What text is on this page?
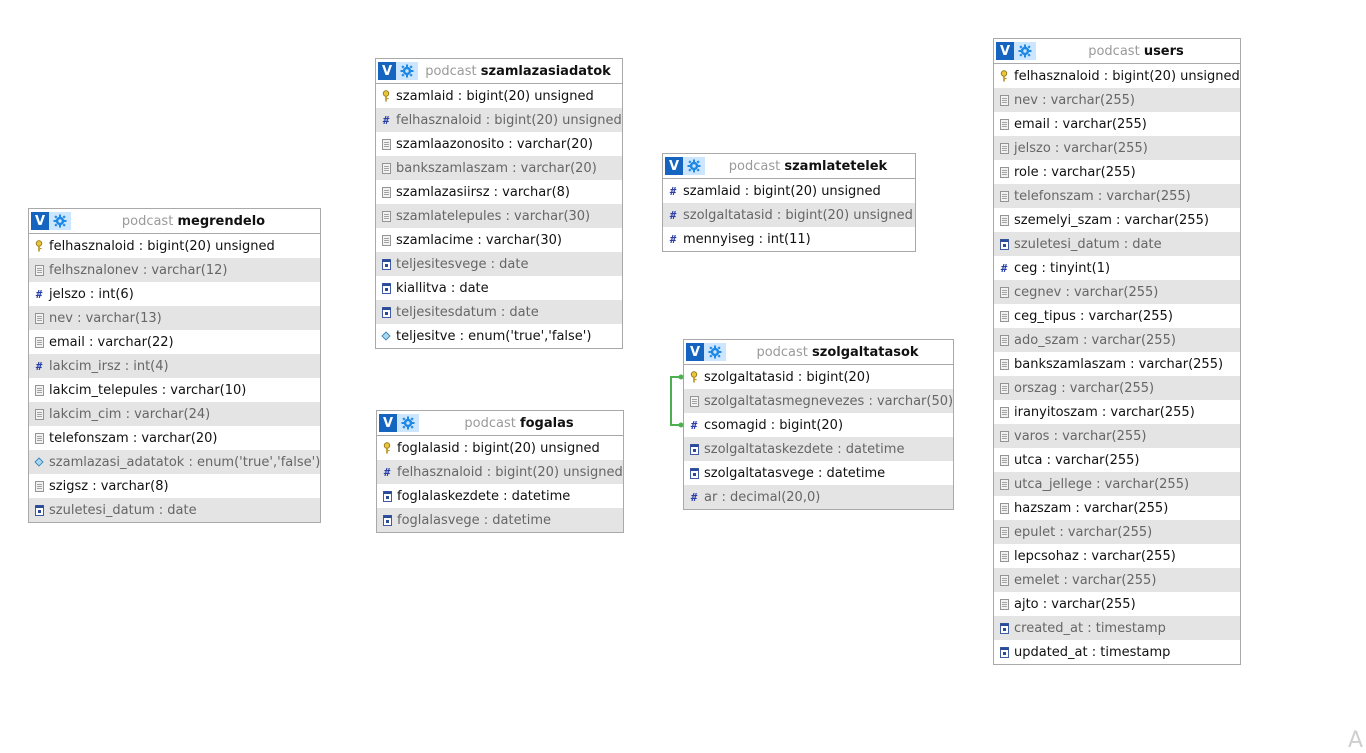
V	podcast megrendelo
felhasznaloid : bigint(20) unsigned
felhsznalonev : varchar(12)
# jelszo : int(6)
nev : varchar(13)
email : varchar(22)
# lakcim_irsz : int(4)
lakcim_telepules : varchar(10)
lakcim_cim : varchar(24)
telefonszam : varchar(20)
szamlazasi_adatatok : enum('true','false')
szigsz : varchar(8)
szuletesi_datum : date
V	podcast szamlazasiadatok
szamlaid : bigint(20) unsigned
# felhasznaloid : bigint(20) unsigned
szamlaazonosito : varchar(20)
bankszamlaszam : varchar(20)
szamlazasiirsz : varchar(8)
szamlatelepules : varchar(30)
szamlacime : varchar(30)
teljesitesvege : date
kiallitva : date
teljesitesdatum : date
teljesitve : enum('true','false')
V	podcast fogalas
foglalasid : bigint(20) unsigned
# felhasznaloid : bigint(20) unsigned
foglalaskezdete : datetime
foglalasvege : datetime
V	podcast szamlatetelek
# szamlaid : bigint(20) unsigned
# szolgaltatasid : bigint(20) unsigned
# mennyiseg : int(11)
V	podcast szolgaltatasok
szolgaltatasid : bigint(20)
szolgaltatasmegnevezes : varchar(50)
# csomagid : bigint(20)
szolgaltataskezdete : datetime
szolgaltatasvege : datetime
# ar : decimal(20,0)
V	podcast users
felhasznaloid : bigint(20) unsigned
nev : varchar(255)
email : varchar(255)
jelszo : varchar(255)
role : varchar(255)
telefonszam : varchar(255)
szemelyi_szam : varchar(255)
szuletesi_datum : date
# ceg : tinyint(1)
cegnev : varchar(255)
ceg_tipus : varchar(255)
ado_szam : varchar(255)
bankszamlaszam : varchar(255)
orszag : varchar(255)
iranyitoszam : varchar(255)
varos : varchar(255)
utca : varchar(255)
utca_jellege : varchar(255)
hazszam : varchar(255)
epulet : varchar(255)
lepcsohaz : varchar(255)
emelet : varchar(255)
ajto : varchar(255)
created_at : timestamp
updated_at : timestamp
A
